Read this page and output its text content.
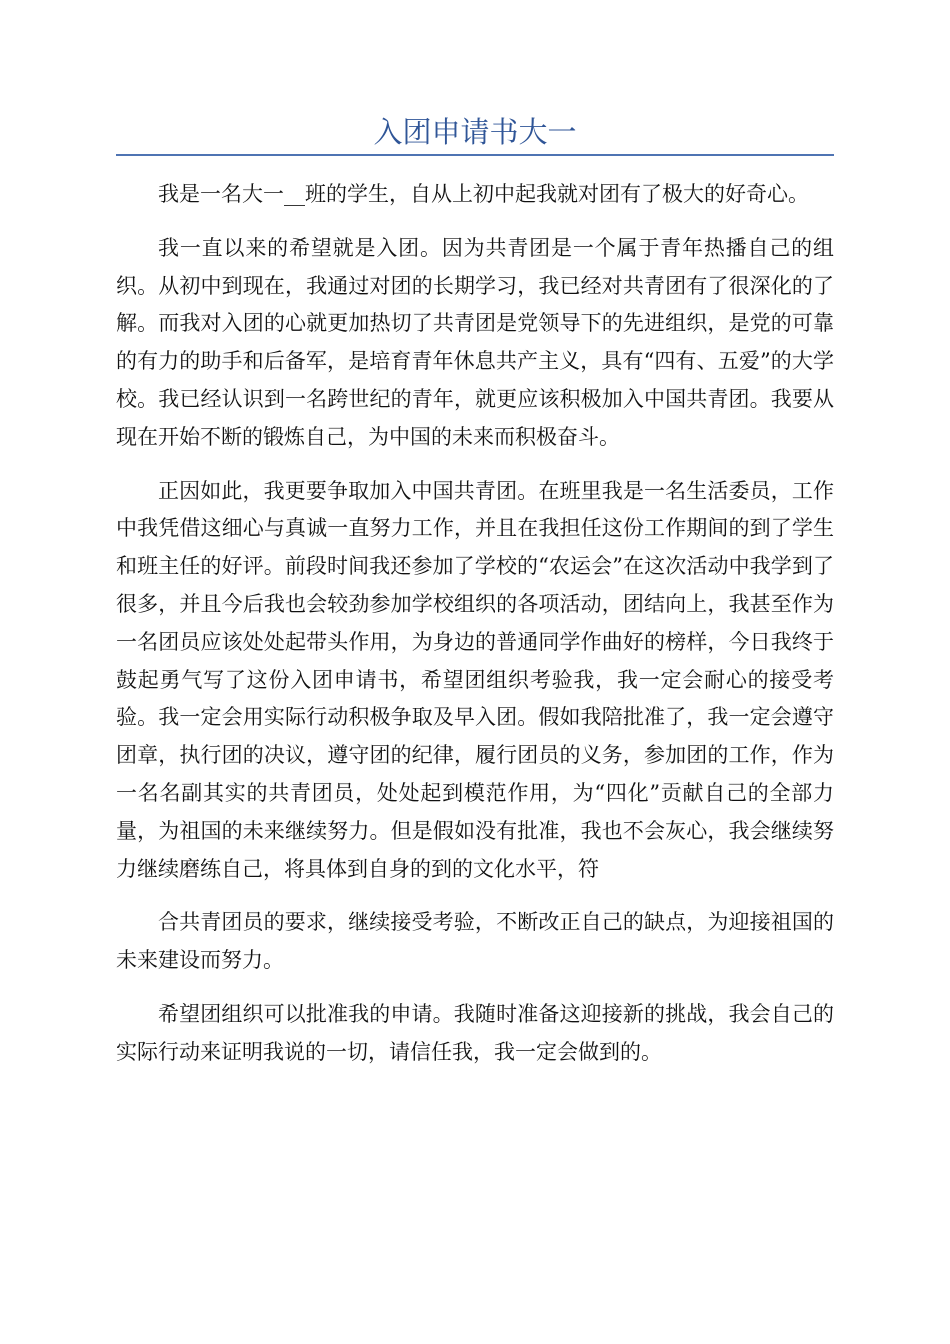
入团申请书大一

我是一名大一__班的学生，自从上初中起我就对团有了极大的好奇心。

我一直以来的希望就是入团。因为共青团是一个属于青年热播自己的组织。从初中到现在，我通过对团的长期学习，我已经对共青团有了很深化的了解。而我对入团的心就更加热切了共青团是党领导下的先进组织，是党的可靠的有力的助手和后备军，是培育青年休息共产主义，具有“四有、五爱”的大学校。我已经认识到一名跨世纪的青年，就更应该积极加入中国共青团。我要从现在开始不断的锻炼自己，为中国的未来而积极奋斗。

正因如此，我更要争取加入中国共青团。在班里我是一名生活委员，工作中我凭借这细心与真诚一直努力工作，并且在我担任这份工作期间的到了学生和班主任的好评。前段时间我还参加了学校的“农运会”在这次活动中我学到了很多，并且今后我也会较劲参加学校组织的各项活动，团结向上，我甚至作为一名团员应该处处起带头作用，为身边的普通同学作曲好的榜样，今日我终于鼓起勇气写了这份入团申请书，希望团组织考验我，我一定会耐心的接受考验。我一定会用实际行动积极争取及早入团。假如我陪批准了，我一定会遵守团章，执行团的决议，遵守团的纪律，履行团员的义务，参加团的工作，作为一名名副其实的共青团员，处处起到模范作用，为“四化”贡献自己的全部力量，为祖国的未来继续努力。但是假如没有批准，我也不会灰心，我会继续努力继续磨练自己，将具体到自身的到的文化水平，符

合共青团员的要求，继续接受考验，不断改正自己的缺点，为迎接祖国的未来建设而努力。

希望团组织可以批准我的申请。我随时准备这迎接新的挑战，我会自己的实际行动来证明我说的一切，请信任我，我一定会做到的。
